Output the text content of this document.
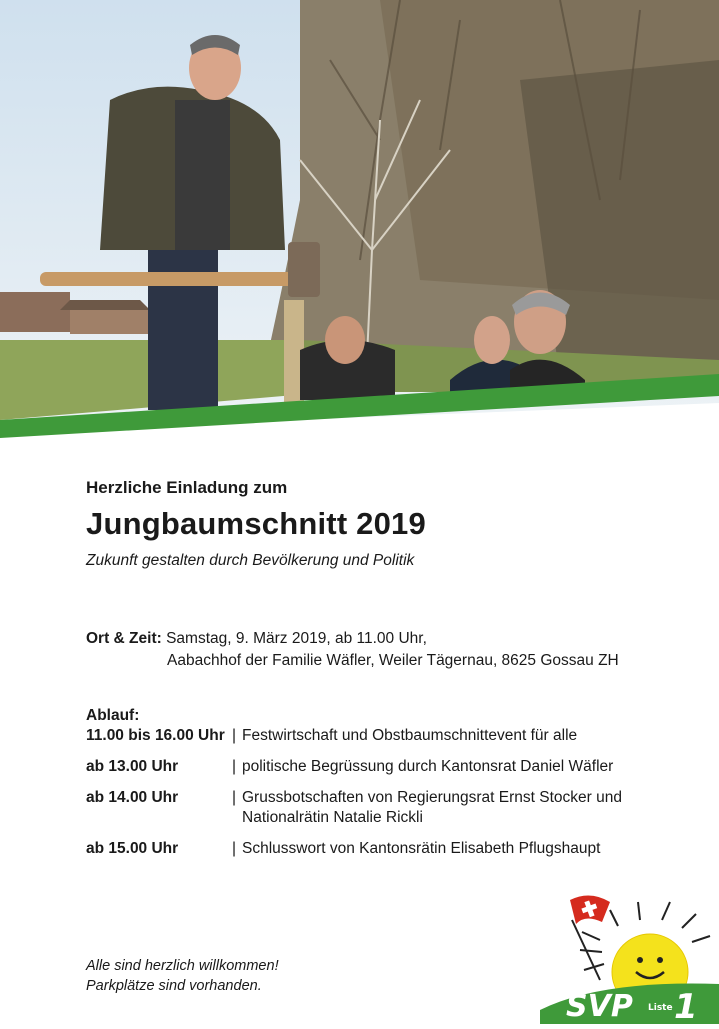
Herzliche Einladung zum

Jungbaumschnitt 2019

Zukunft gestalten durch Bevölkerung und Politik

Ort & Zeit: Samstag, 9. März 2019, ab 11.00 Uhr,
Aabachhof der Familie Wäfler, Weiler Tägernau, 8625 Gossau ZH
Ablauf:
11.00 bis 16.00 Uhr | Festwirtschaft und Obstbaumschnittevent für alle
ab 13.00 Uhr	| politische Begrüssung durch Kantonsrat Daniel Wäfler
ab 14.00 Uhr	| Grussbotschaften von Regierungsrat Ernst Stocker und
Nationalrätin Natalie Rickli
ab 15.00 Uhr	| Schlusswort von Kantonsrätin Elisabeth Pflugshaupt
Alle sind herzlich willkommen!
Parkplätze sind vorhanden.
SVP Liste 1
